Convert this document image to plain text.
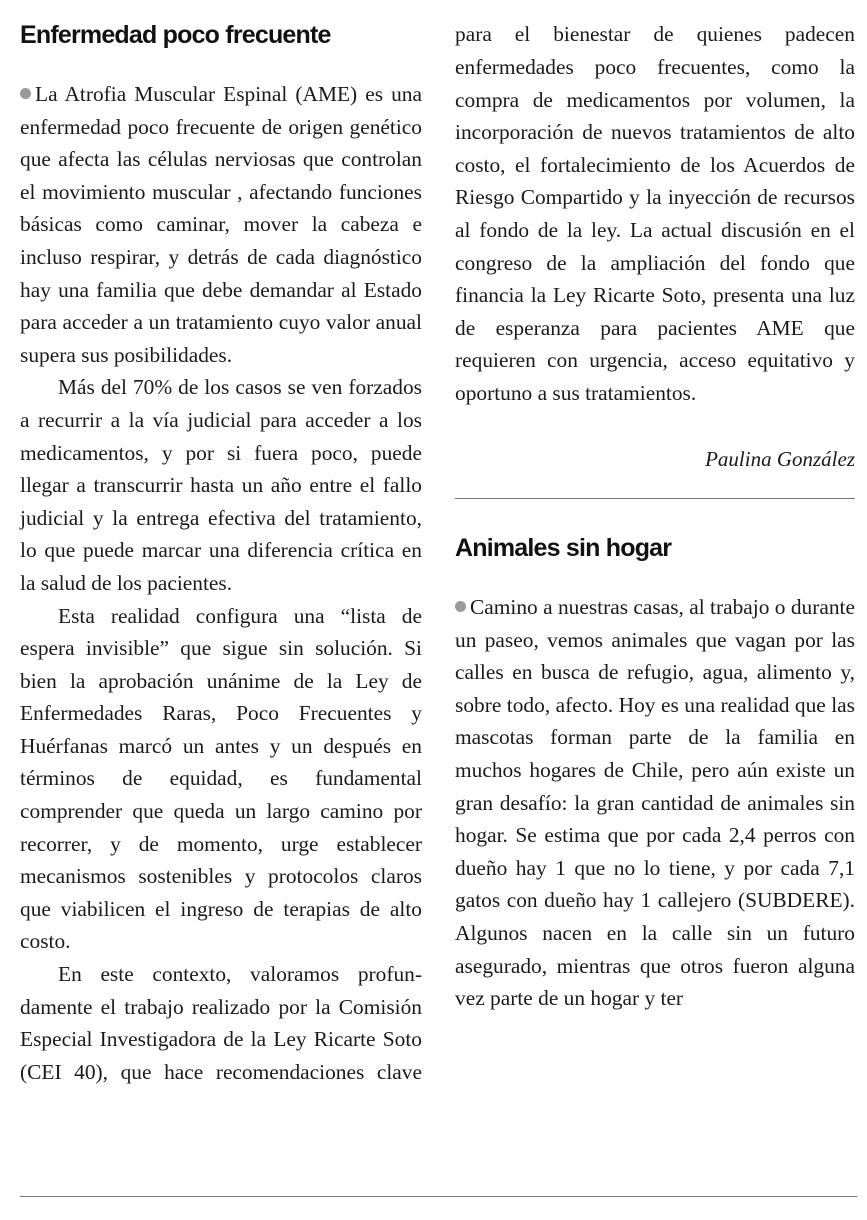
Enfermedad poco frecuente

La Atrofia Muscular Espinal (AME) es una enfermedad poco frecuente de origen genético que afecta las células nerviosas que controlan el movimiento muscular , afectando funciones básicas como caminar, mover la cabeza e incluso respirar, y detrás de cada diagnóstico hay una familia que debe demandar al Estado para acceder a un tratamiento cuyo valor anual supera sus posibilidades.

Más del 70% de los casos se ven forzados a recurrir a la vía judicial para acceder a los medicamentos, y por si fuera poco, puede llegar a transcurrir hasta un año entre el fallo judicial y la entrega efectiva del tratamiento, lo que puede marcar una diferencia crítica en la salud de los pacientes.

Esta realidad configura una “lista de espera invisible” que sigue sin solución. Si bien la aprobación unánime de la Ley de Enfermedades Raras, Poco Frecuentes y Huérfanas marcó un antes y un después en términos de equidad, es fundamental comprender que queda un largo camino por recorrer, y de momento, urge establecer mecanismos sostenibles y protocolos claros que viabilicen el ingreso de terapias de alto costo.

En este contexto, valoramos profundamente el trabajo realizado por la Comisión Especial Investigadora de la Ley Ricarte Soto (CEI 40), que hace recomendaciones clave

para el bienestar de quienes padecen enfermedades poco frecuentes, como la compra de medicamentos por volumen, la incorporación de nuevos tratamientos de alto costo, el fortalecimiento de los Acuerdos de Riesgo Compartido y la inyección de recursos al fondo de la ley. La actual discusión en el congreso de la ampliación del fondo que financia la Ley Ricarte Soto, presenta una luz de esperanza para pacientes AME que requieren con urgencia, acceso equitativo y oportuno a sus tratamientos.

Paulina González
Animales sin hogar

Camino a nuestras casas, al trabajo o durante un paseo, vemos animales que vagan por las calles en busca de refugio, agua, alimento y, sobre todo, afecto. Hoy es una realidad que las mascotas forman parte de la familia en muchos hogares de Chile, pero aún existe un gran desafío: la gran cantidad de animales sin hogar. Se estima que por cada 2,4 perros con dueño hay 1 que no lo tiene, y por cada 7,1 gatos con dueño hay 1 callejero (SUBDERE). Algunos nacen en la calle sin un futuro asegurado, mientras que otros fueron alguna vez parte de un hogar y ter
